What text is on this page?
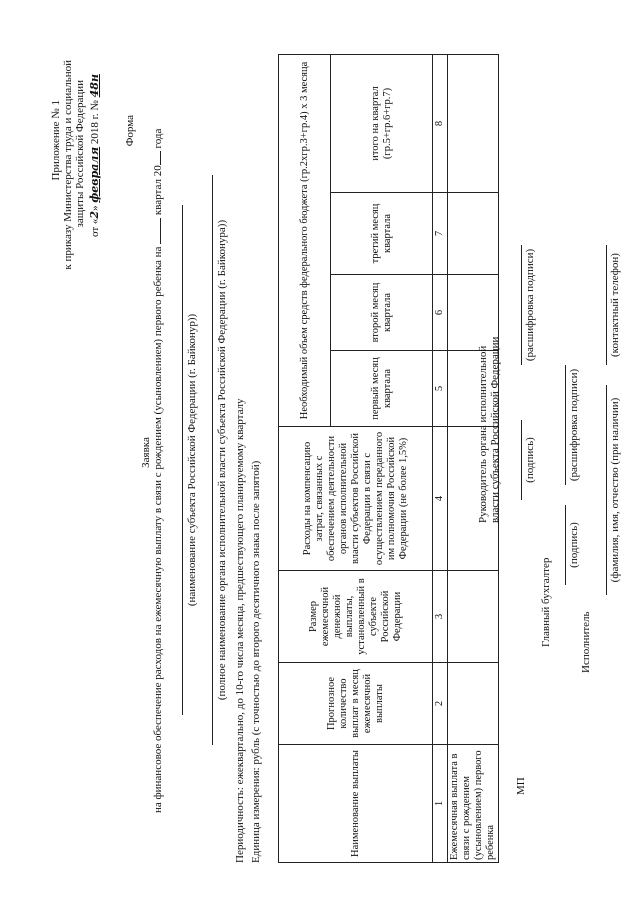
Приложение № 1 к приказу Министерства труда и социальной защиты Российской Федерации
от «2» февраля 2018 г. № 48н
Форма
Заявка на финансовое обеспечение расходов на ежемесячную выплату в связи с рождением (усыновлением) первого ребенка на  квартал 20 года
(наименование субъекта Российской Федерации (г. Байконур)) (полное наименование органа исполнительной власти субъекта Российской Федерации (г. Байконура)) Периодичность: ежеквартально, до 10-го числа месяца, предшествующего планируемому кварталу Единица измерения: рубль (с точностью до второго десятичного знака после запятой)	Наименование выплаты	Прогнозное количество выплат в месяц ежемесячной выплаты	Размер ежемесячной денежной выплаты, установленный в субъекте Российской Федерации	Расходы на компенсацию затрат, связанных с обеспечением деятельности органов исполнительной власти субъектов Российской Федерации в связи с осуществлением переданного им полномочия Российской Федерации (не более 1,5%)	Необходимый объем средств федерального бюджета (гр.2хгр.3+гр.4) х 3 месяца			
				первый месяц квартала	второй месяц квартала	третий месяц квартала	итого на квартал (гр.5+гр.6+гр.7)
1	2	3	4	5	6	7	8
Ежемесячная выплата в связи с рождением (усыновлением) первого ребенка							
МП
Руководитель органа исполнительной власти субъекта Российской Федерации (подпись)
(расшифровка подписи)
Главный бухгалтер
(подпись)
(расшифровка подписи)
Исполнитель
(фамилия, имя, отчество (при наличии)
(контактный телефон)
